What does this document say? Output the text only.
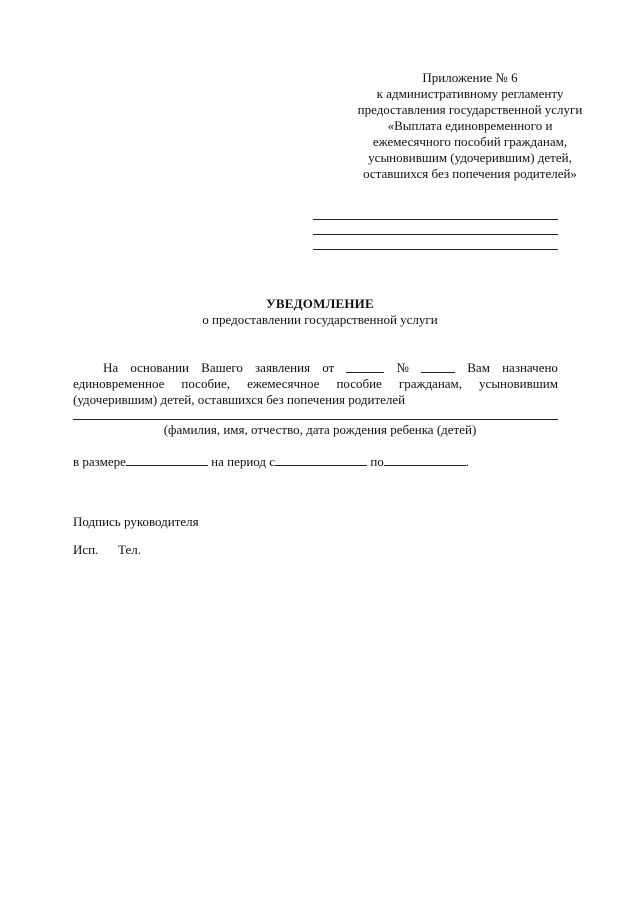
Приложение № 6
к административному регламенту
предоставления государственной услуги
«Выплата единовременного и
ежемесячного пособий гражданам,
усыновившим (удочерившим) детей,
оставшихся без попечения родителей»
УВЕДОМЛЕНИЕ
о предоставлении государственной услуги
На основании Вашего заявления от	№	Вам назначено
единовременное пособие, ежемесячное пособие гражданам, усыновившим
(удочерившим) детей, оставшихся без попечения родителей
(фамилия, имя, отчество, дата рождения ребенка (детей)
в размере	на период с	по	.
Подпись руководителя
Исп. Тел.
